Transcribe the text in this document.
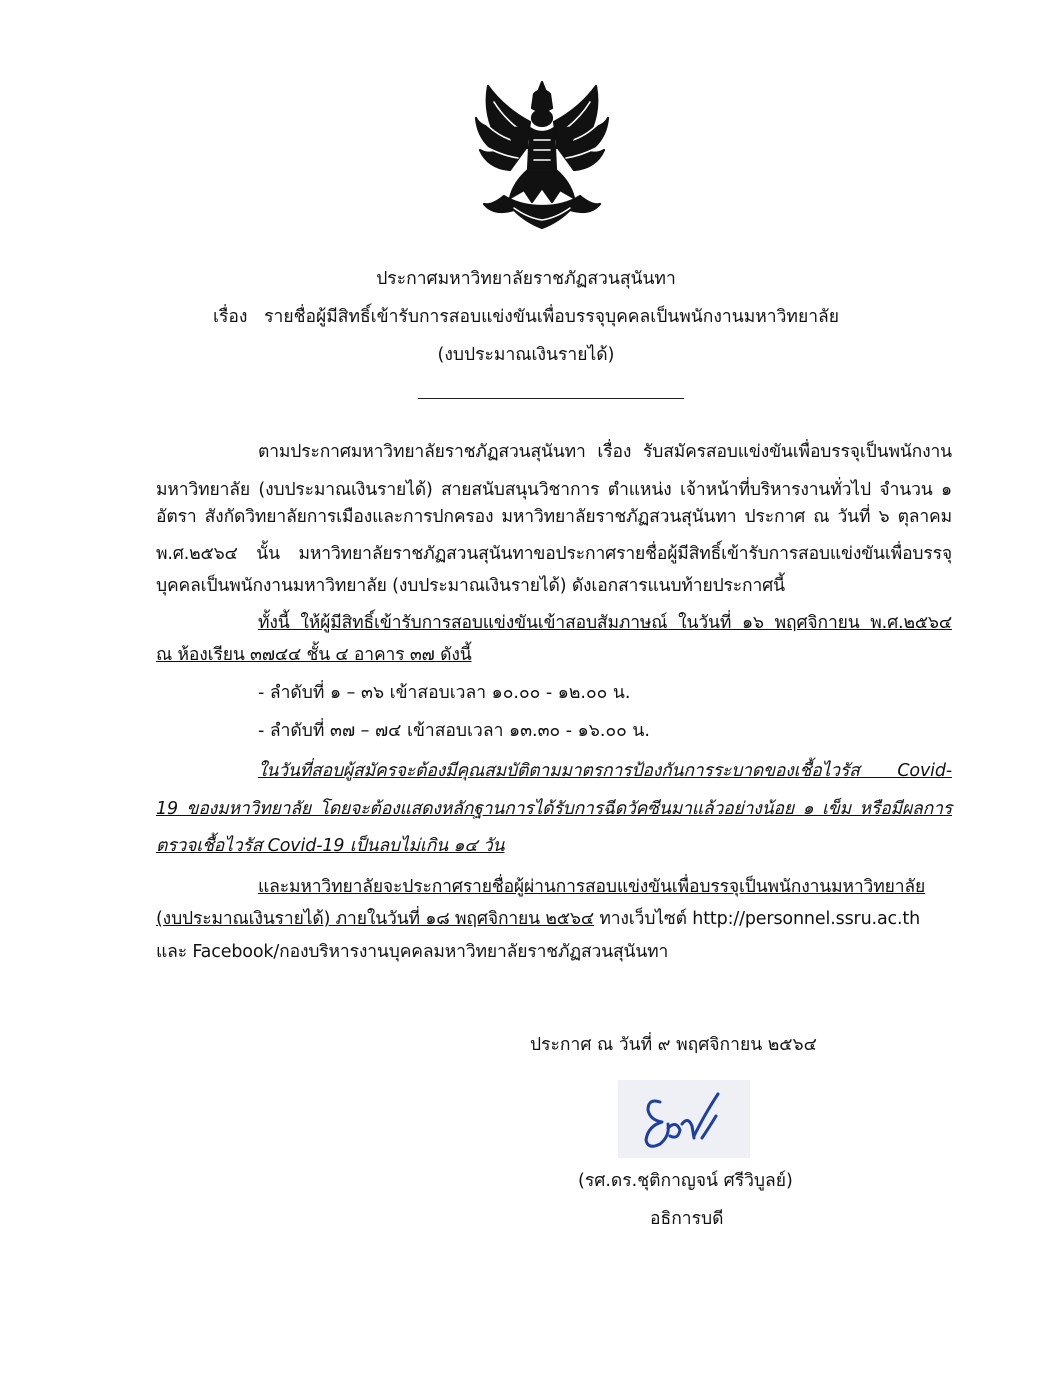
ประกาศมหาวิทยาลัยราชภัฏสวนสุนันทา
เรื่อง รายชื่อผู้มีสิทธิ์เข้ารับการสอบแข่งขันเพื่อบรรจุบุคคลเป็นพนักงานมหาวิทยาลัย
(งบประมาณเงินรายได้)
ตามประกาศมหาวิทยาลัยราชภัฏสวนสุนันทา เรื่อง รับสมัครสอบแข่งขันเพื่อบรรจุเป็นพนักงาน
มหาวิทยาลัย (งบประมาณเงินรายได้) สายสนับสนุนวิชาการ ตำแหน่ง เจ้าหน้าที่บริหารงานทั่วไป จำนวน ๑
อัตรา สังกัดวิทยาลัยการเมืองและการปกครอง มหาวิทยาลัยราชภัฏสวนสุนันทา ประกาศ ณ วันที่ ๖ ตุลาคม
พ.ศ.๒๕๖๔ นั้น มหาวิทยาลัยราชภัฏสวนสุนันทาขอประกาศรายชื่อผู้มีสิทธิ์เข้ารับการสอบแข่งขันเพื่อบรรจุ
บุคคลเป็นพนักงานมหาวิทยาลัย (งบประมาณเงินรายได้) ดังเอกสารแนบท้ายประกาศนี้
ทั้งนี้ ให้ผู้มีสิทธิ์เข้ารับการสอบแข่งขันเข้าสอบสัมภาษณ์ ในวันที่ ๑๖ พฤศจิกายน พ.ศ.๒๕๖๔
ณ ห้องเรียน ๓๗๔๔ ชั้น ๔ อาคาร ๓๗ ดังนี้
- ลำดับที่ ๑ – ๓๖ เข้าสอบเวลา ๑๐.๐๐ - ๑๒.๐๐ น.
- ลำดับที่ ๓๗ – ๗๔ เข้าสอบเวลา ๑๓.๓๐ - ๑๖.๐๐ น.
ในวันที่สอบผู้สมัครจะต้องมีคุณสมบัติตามมาตรการป้องกันการระบาดของเชื้อไวรัส Covid-
19 ของมหาวิทยาลัย โดยจะต้องแสดงหลักฐานการได้รับการฉีดวัคซีนมาแล้วอย่างน้อย ๑ เข็ม หรือมีผลการ
ตรวจเชื้อไวรัส Covid-19 เป็นลบไม่เกิน ๑๔ วัน
และมหาวิทยาลัยจะประกาศรายชื่อผู้ผ่านการสอบแข่งขันเพื่อบรรจุเป็นพนักงานมหาวิทยาลัย
(งบประมาณเงินรายได้) ภายในวันที่ ๑๘ พฤศจิกายน ๒๕๖๔ ทางเว็บไซต์ http://personnel.ssru.ac.th
และ Facebook/กองบริหารงานบุคคลมหาวิทยาลัยราชภัฏสวนสุนันทา
ประกาศ ณ วันที่ ๙ พฤศจิกายน ๒๕๖๔
(รศ.ดร.ชุติกาญจน์ ศรีวิบูลย์)
อธิการบดี
